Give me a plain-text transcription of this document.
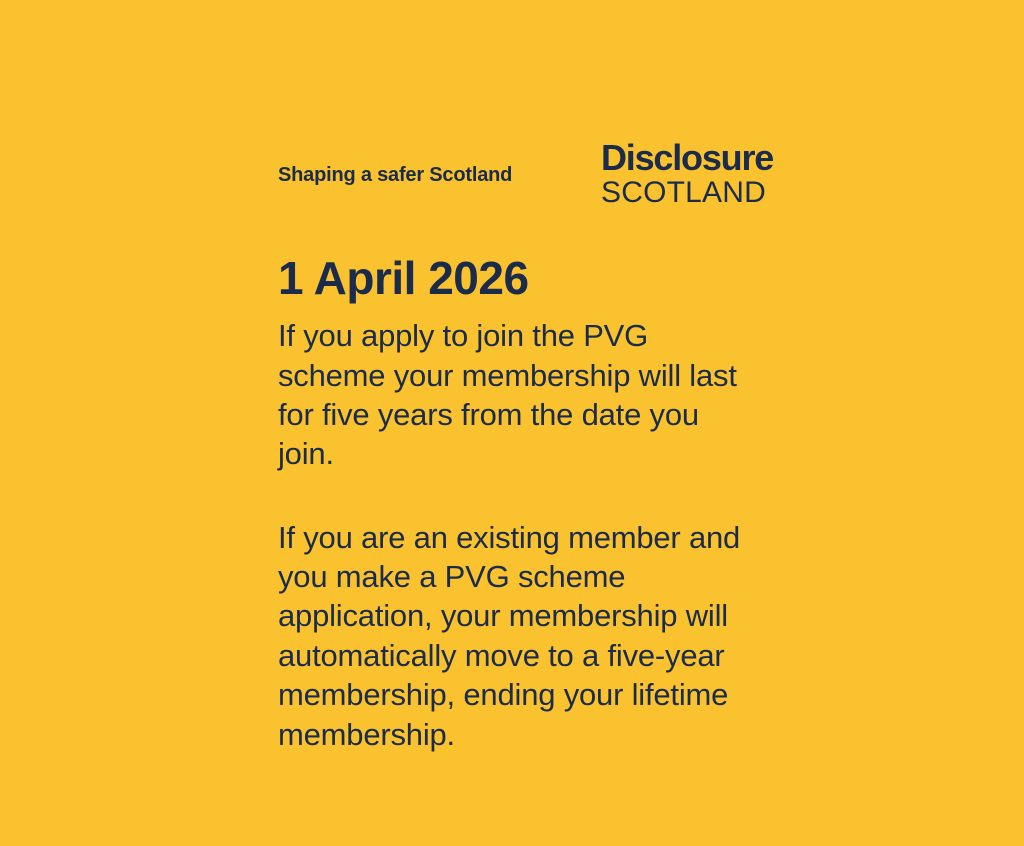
Shaping a safer Scotland Disclosure
SCOTLAND
1 April 2026

If you apply to join the PVG scheme your membership will last for five years from the date you join.

If you are an existing member and you make a PVG scheme application, your membership will automatically move to a five-year membership, ending your lifetime membership.
